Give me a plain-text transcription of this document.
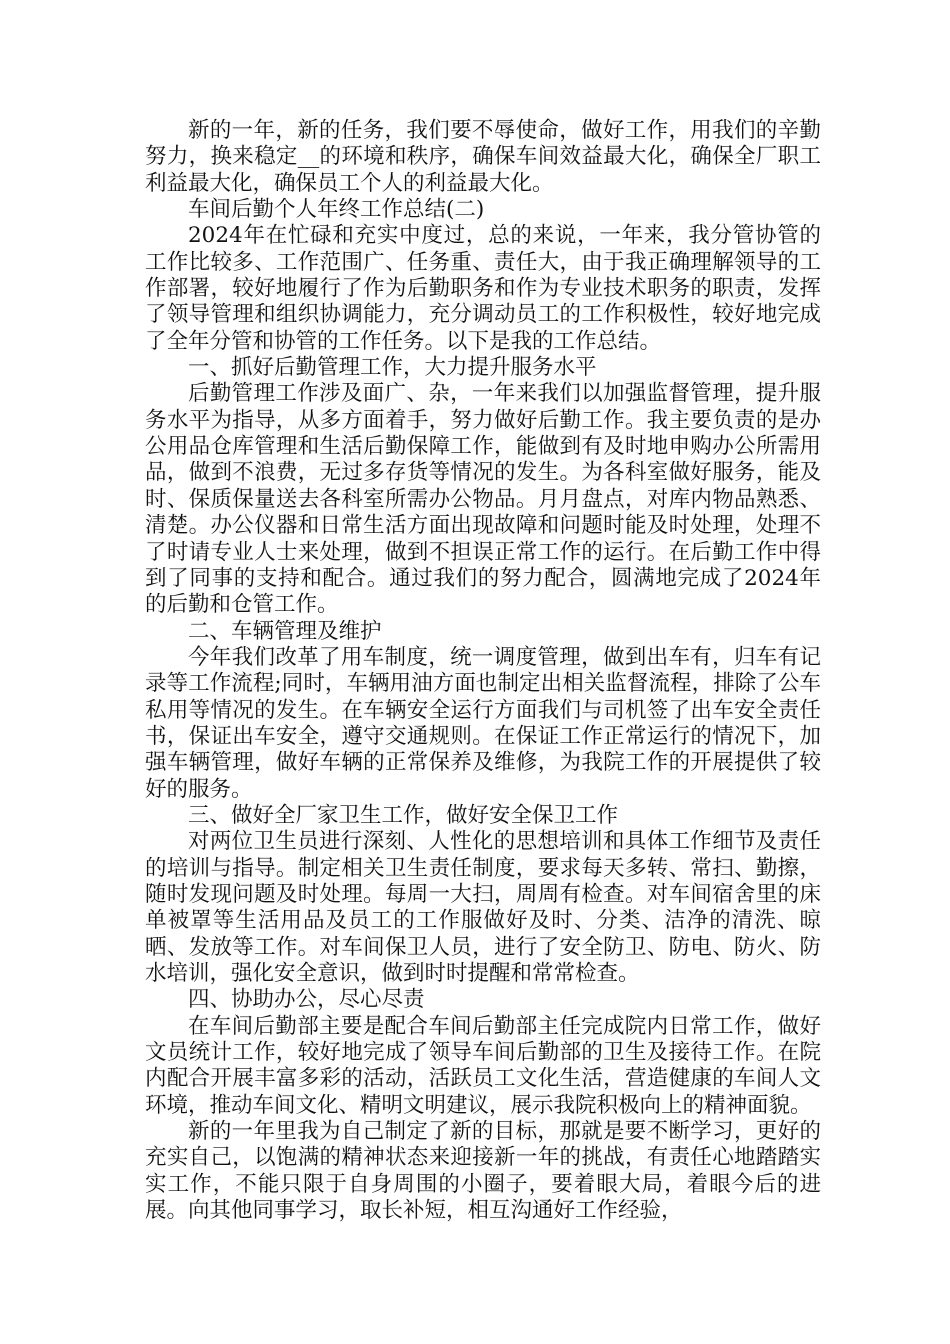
新的一年，新的任务，我们要不辱使命，做好工作，用我们的辛勤努力，换来稳定__的环境和秩序，确保车间效益最大化，确保全厂职工利益最大化，确保员工个人的利益最大化。

车间后勤个人年终工作总结(二)

2024年在忙碌和充实中度过，总的来说，一年来，我分管协管的工作比较多、工作范围广、任务重、责任大，由于我正确理解领导的工作部署，较好地履行了作为后勤职务和作为专业技术职务的职责，发挥了领导管理和组织协调能力，充分调动员工的工作积极性，较好地完成了全年分管和协管的工作任务。以下是我的工作总结。

一、抓好后勤管理工作，大力提升服务水平

后勤管理工作涉及面广、杂，一年来我们以加强监督管理，提升服务水平为指导，从多方面着手，努力做好后勤工作。我主要负责的是办公用品仓库管理和生活后勤保障工作，能做到有及时地申购办公所需用品，做到不浪费，无过多存货等情况的发生。为各科室做好服务，能及时、保质保量送去各科室所需办公物品。月月盘点，对库内物品熟悉、清楚。办公仪器和日常生活方面出现故障和问题时能及时处理，处理不了时请专业人士来处理，做到不担误正常工作的运行。在后勤工作中得到了同事的支持和配合。通过我们的努力配合，圆满地完成了2024年的后勤和仓管工作。

二、车辆管理及维护

今年我们改革了用车制度，统一调度管理，做到出车有，归车有记录等工作流程;同时，车辆用油方面也制定出相关监督流程，排除了公车私用等情况的发生。在车辆安全运行方面我们与司机签了出车安全责任书，保证出车安全，遵守交通规则。在保证工作正常运行的情况下，加强车辆管理，做好车辆的正常保养及维修，为我院工作的开展提供了较好的服务。

三、做好全厂家卫生工作，做好安全保卫工作

对两位卫生员进行深刻、人性化的思想培训和具体工作细节及责任的培训与指导。制定相关卫生责任制度，要求每天多转、常扫、勤擦，随时发现问题及时处理。每周一大扫，周周有检查。对车间宿舍里的床单被罩等生活用品及员工的工作服做好及时、分类、洁净的清洗、晾晒、发放等工作。对车间保卫人员，进行了安全防卫、防电、防火、防水培训，强化安全意识，做到时时提醒和常常检查。

四、协助办公，尽心尽责

在车间后勤部主要是配合车间后勤部主任完成院内日常工作，做好文员统计工作，较好地完成了领导车间后勤部的卫生及接待工作。在院内配合开展丰富多彩的活动，活跃员工文化生活，营造健康的车间人文环境，推动车间文化、精明文明建议，展示我院积极向上的精神面貌。

新的一年里我为自己制定了新的目标，那就是要不断学习，更好的充实自己，以饱满的精神状态来迎接新一年的挑战，有责任心地踏踏实实工作，不能只限于自身周围的小圈子，要着眼大局，着眼今后的进展。向其他同事学习，取长补短，相互沟通好工作经验，
